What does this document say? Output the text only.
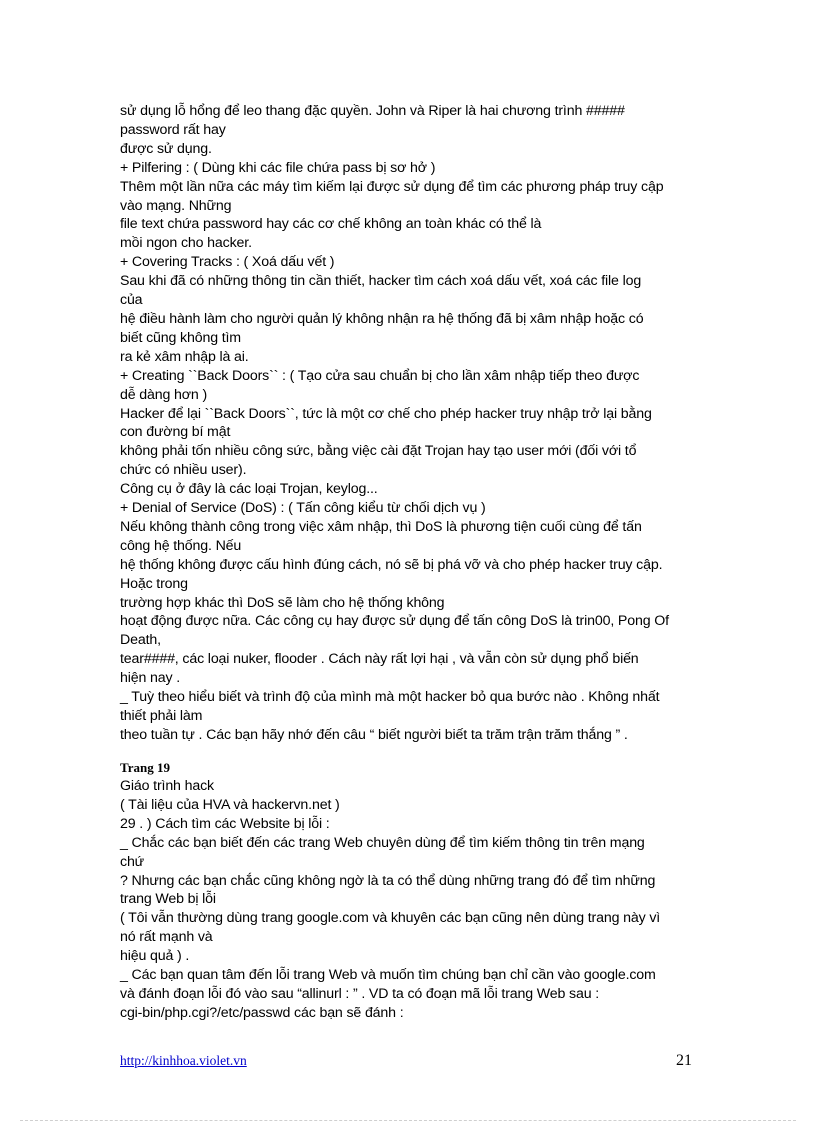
sử dụng lỗ hổng để leo thang đặc quyền. John và Riper là hai chương trình #####
password rất hay
được sử dụng.
+ Pilfering : ( Dùng khi các file chứa pass bị sơ hở )
Thêm một lần nữa các máy tìm kiếm lại được sử dụng để tìm các phương pháp truy cập
vào mạng. Những
file text chứa password hay các cơ chế không an toàn khác có thể là
mồi ngon cho hacker.
+ Covering Tracks : ( Xoá dấu vết )
Sau khi đã có những thông tin cần thiết, hacker tìm cách xoá dấu vết, xoá các file log
của
hệ điều hành làm cho người quản lý không nhận ra hệ thống đã bị xâm nhập hoặc có
biết cũng không tìm
ra kẻ xâm nhập là ai.
+ Creating ``Back Doors`` : ( Tạo cửa sau chuẩn bị cho lần xâm nhập tiếp theo được
dễ dàng hơn )
Hacker để lại ``Back Doors``, tức là một cơ chế cho phép hacker truy nhập trở lại bằng
con đường bí mật
không phải tốn nhiều công sức, bằng việc cài đặt Trojan hay tạo user mới (đối với tổ
chức có nhiều user).
Công cụ ở đây là các loại Trojan, keylog...
+ Denial of Service (DoS) : ( Tấn công kiểu từ chối dịch vụ )
Nếu không thành công trong việc xâm nhập, thì DoS là phương tiện cuối cùng để tấn
công hệ thống. Nếu
hệ thống không được cấu hình đúng cách, nó sẽ bị phá vỡ và cho phép hacker truy cập.
Hoặc trong
trường hợp khác thì DoS sẽ làm cho hệ thống không
hoạt động được nữa. Các công cụ hay được sử dụng để tấn công DoS là trin00, Pong Of
Death,
tear####, các loại nuker, flooder . Cách này rất lợi hại , và vẫn còn sử dụng phổ biến
hiện nay .
_ Tuỳ theo hiểu biết và trình độ của mình mà một hacker bỏ qua bước nào . Không nhất
thiết phải làm
theo tuần tự . Các bạn hãy nhớ đến câu “ biết người biết ta trăm trận trăm thắng ” .
Trang 19
Giáo trình hack
( Tài liệu của HVA và hackervn.net )
29 . ) Cách tìm các Website bị lỗi :
_ Chắc các bạn biết đến các trang Web chuyên dùng để tìm kiếm thông tin trên mạng
chứ
? Nhưng các bạn chắc cũng không ngờ là ta có thể dùng những trang đó để tìm những
trang Web bị lỗi
( Tôi vẫn thường dùng trang google.com và khuyên các bạn cũng nên dùng trang này vì
nó rất mạnh và
hiệu quả ) .
_ Các bạn quan tâm đến lỗi trang Web và muốn tìm chúng bạn chỉ cần vào google.com
và đánh đoạn lỗi đó vào sau “allinurl : ” . VD ta có đoạn mã lỗi trang Web sau :
cgi-bin/php.cgi?/etc/passwd các bạn sẽ đánh :
http://kinhhoa.violet.vn	21
